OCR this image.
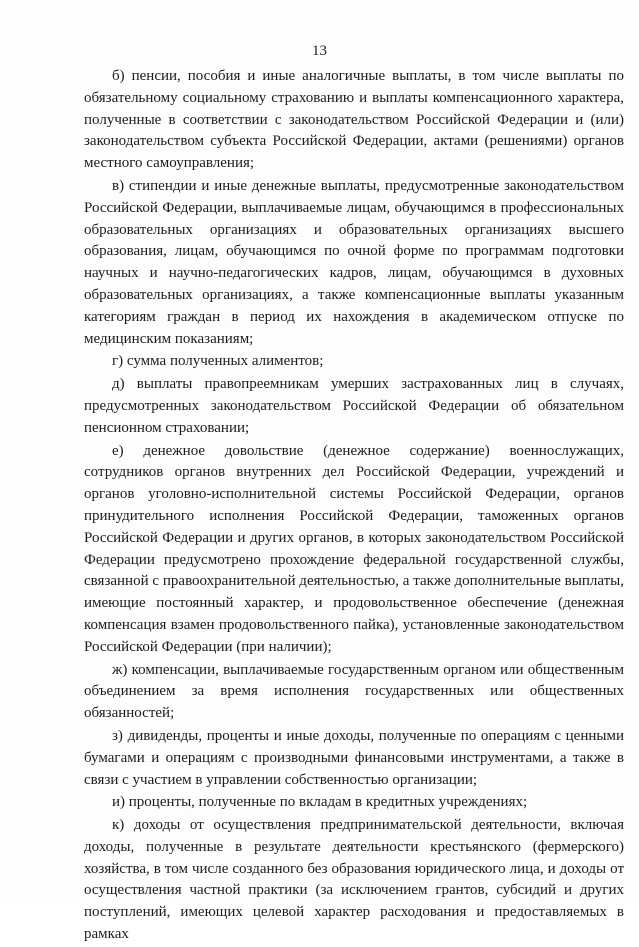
13

б) пенсии, пособия и иные аналогичные выплаты, в том числе выплаты по обязательному социальному страхованию и выплаты компенсационного характера, полученные в соответствии с законодательством Российской Федерации и (или) законодательством субъекта Российской Федерации, актами (решениями) органов местного самоуправления;

в) стипендии и иные денежные выплаты, предусмотренные законодательством Российской Федерации, выплачиваемые лицам, обучающимся в профессиональных образовательных организациях и образовательных организациях высшего образования, лицам, обучающимся по очной форме по программам подготовки научных и научно-педагогических кадров, лицам, обучающимся в духовных образовательных организациях, а также компенсационные выплаты указанным категориям граждан в период их нахождения в академическом отпуске по медицинским показаниям;

г) сумма полученных алиментов;

д) выплаты правопреемникам умерших застрахованных лиц в случаях, предусмотренных законодательством Российской Федерации об обязательном пенсионном страховании;

е) денежное довольствие (денежное содержание) военнослужащих, сотрудников органов внутренних дел Российской Федерации, учреждений и органов уголовно-исполнительной системы Российской Федерации, органов принудительного исполнения Российской Федерации, таможенных органов Российской Федерации и других органов, в которых законодательством Российской Федерации предусмотрено прохождение федеральной государственной службы, связанной с правоохранительной деятельностью, а также дополнительные выплаты, имеющие постоянный характер, и продовольственное обеспечение (денежная компенсация взамен продовольственного пайка), установленные законодательством Российской Федерации (при наличии);

ж) компенсации, выплачиваемые государственным органом или общественным объединением за время исполнения государственных или общественных обязанностей;

з) дивиденды, проценты и иные доходы, полученные по операциям с ценными бумагами и операциям с производными финансовыми инструментами, а также в связи с участием в управлении собственностью организации;

и) проценты, полученные по вкладам в кредитных учреждениях;

к) доходы от осуществления предпринимательской деятельности, включая доходы, полученные в результате деятельности крестьянского (фермерского) хозяйства, в том числе созданного без образования юридического лица, и доходы от осуществления частной практики (за исключением грантов, субсидий и других поступлений, имеющих целевой характер расходования и предоставляемых в рамках
